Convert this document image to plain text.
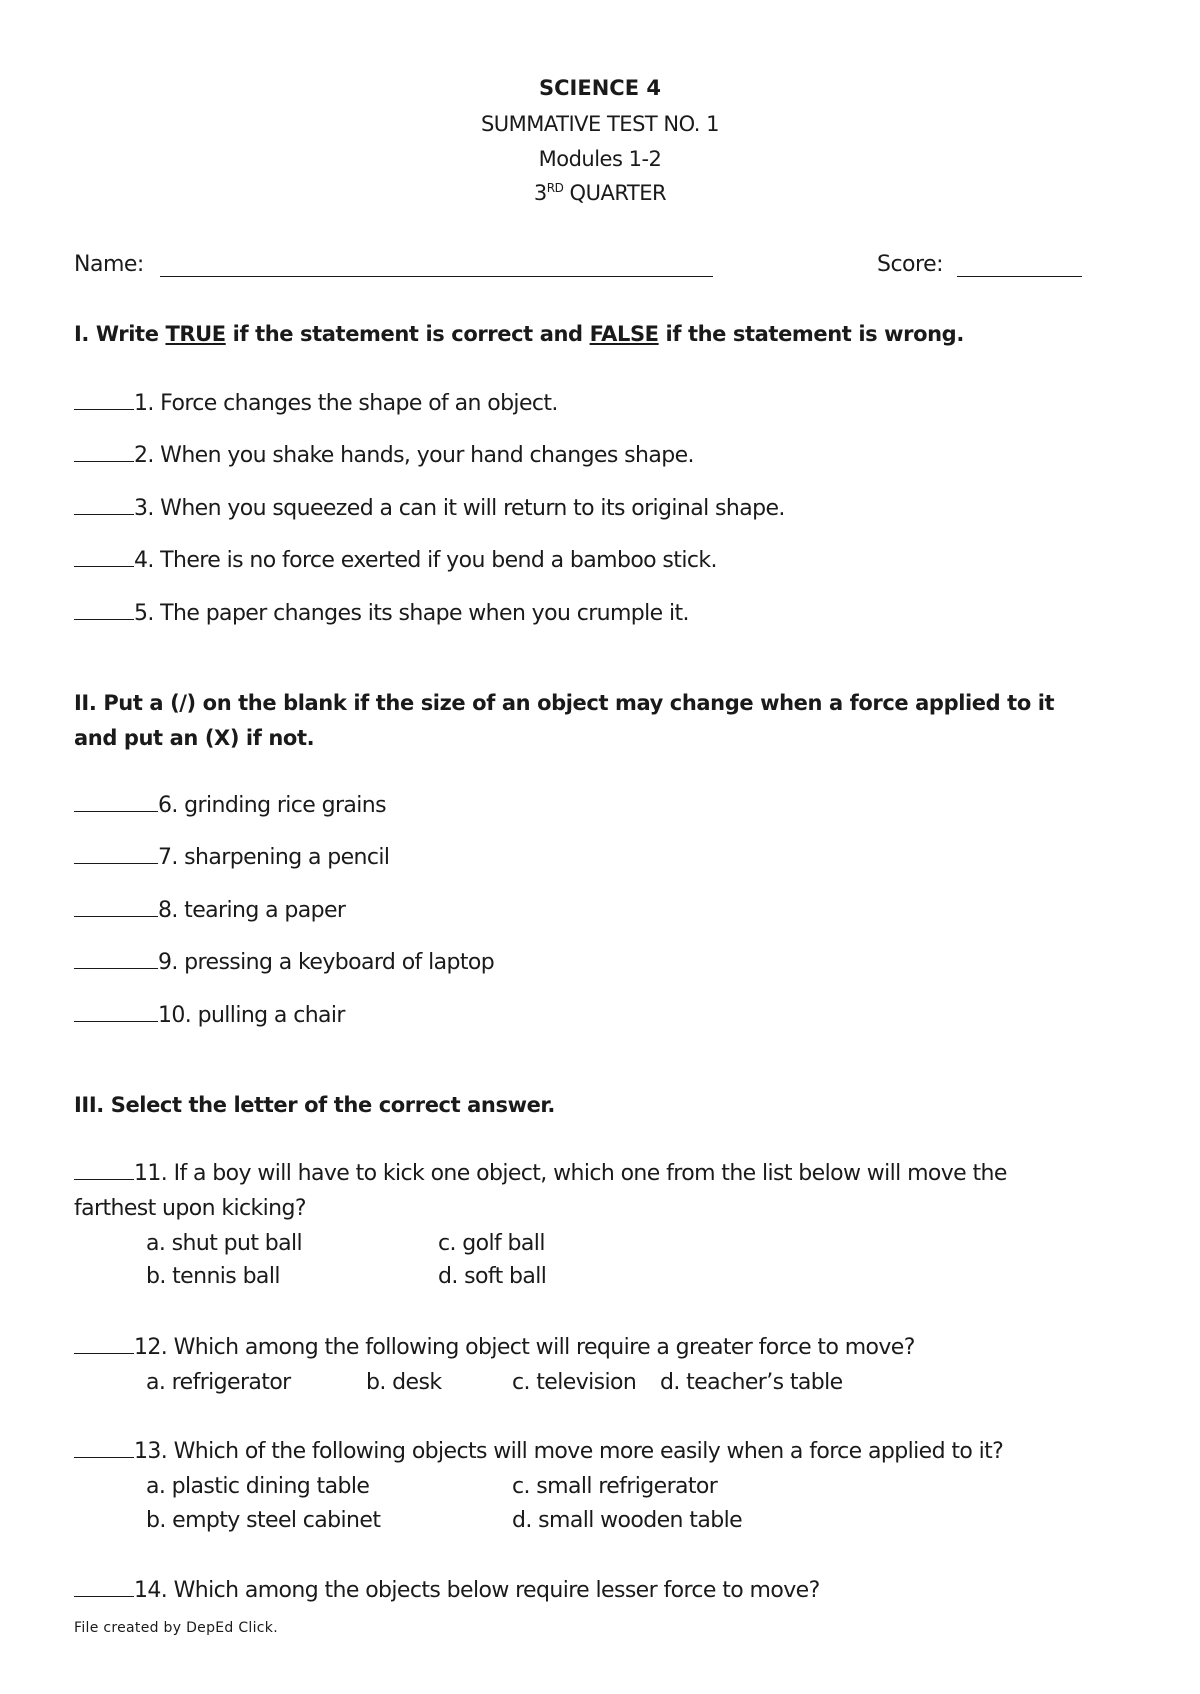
SCIENCE 4
SUMMATIVE TEST NO. 1
Modules 1-2
3RD QUARTER
Name:	Score:
I. Write TRUE if the statement is correct and FALSE if the statement is wrong.
1. Force changes the shape of an object.
2. When you shake hands, your hand changes shape.
3. When you squeezed a can it will return to its original shape.
4. There is no force exerted if you bend a bamboo stick.
5. The paper changes its shape when you crumple it.
II. Put a (/) on the blank if the size of an object may change when a force applied to it
and put an (X) if not.
6. grinding rice grains
7. sharpening a pencil
8. tearing a paper
9. pressing a keyboard of laptop
10. pulling a chair
III. Select the letter of the correct answer.
11. If a boy will have to kick one object, which one from the list below will move the
farthest upon kicking?
a. shut put ball	c. golf ball
b. tennis ball	d. soft ball
12. Which among the following object will require a greater force to move?
a. refrigerator	b. desk	c. television d. teacher’s table
13. Which of the following objects will move more easily when a force applied to it?
a. plastic dining table	c. small refrigerator
b. empty steel cabinet	d. small wooden table
14. Which among the objects below require lesser force to move?
File created by DepEd Click.
